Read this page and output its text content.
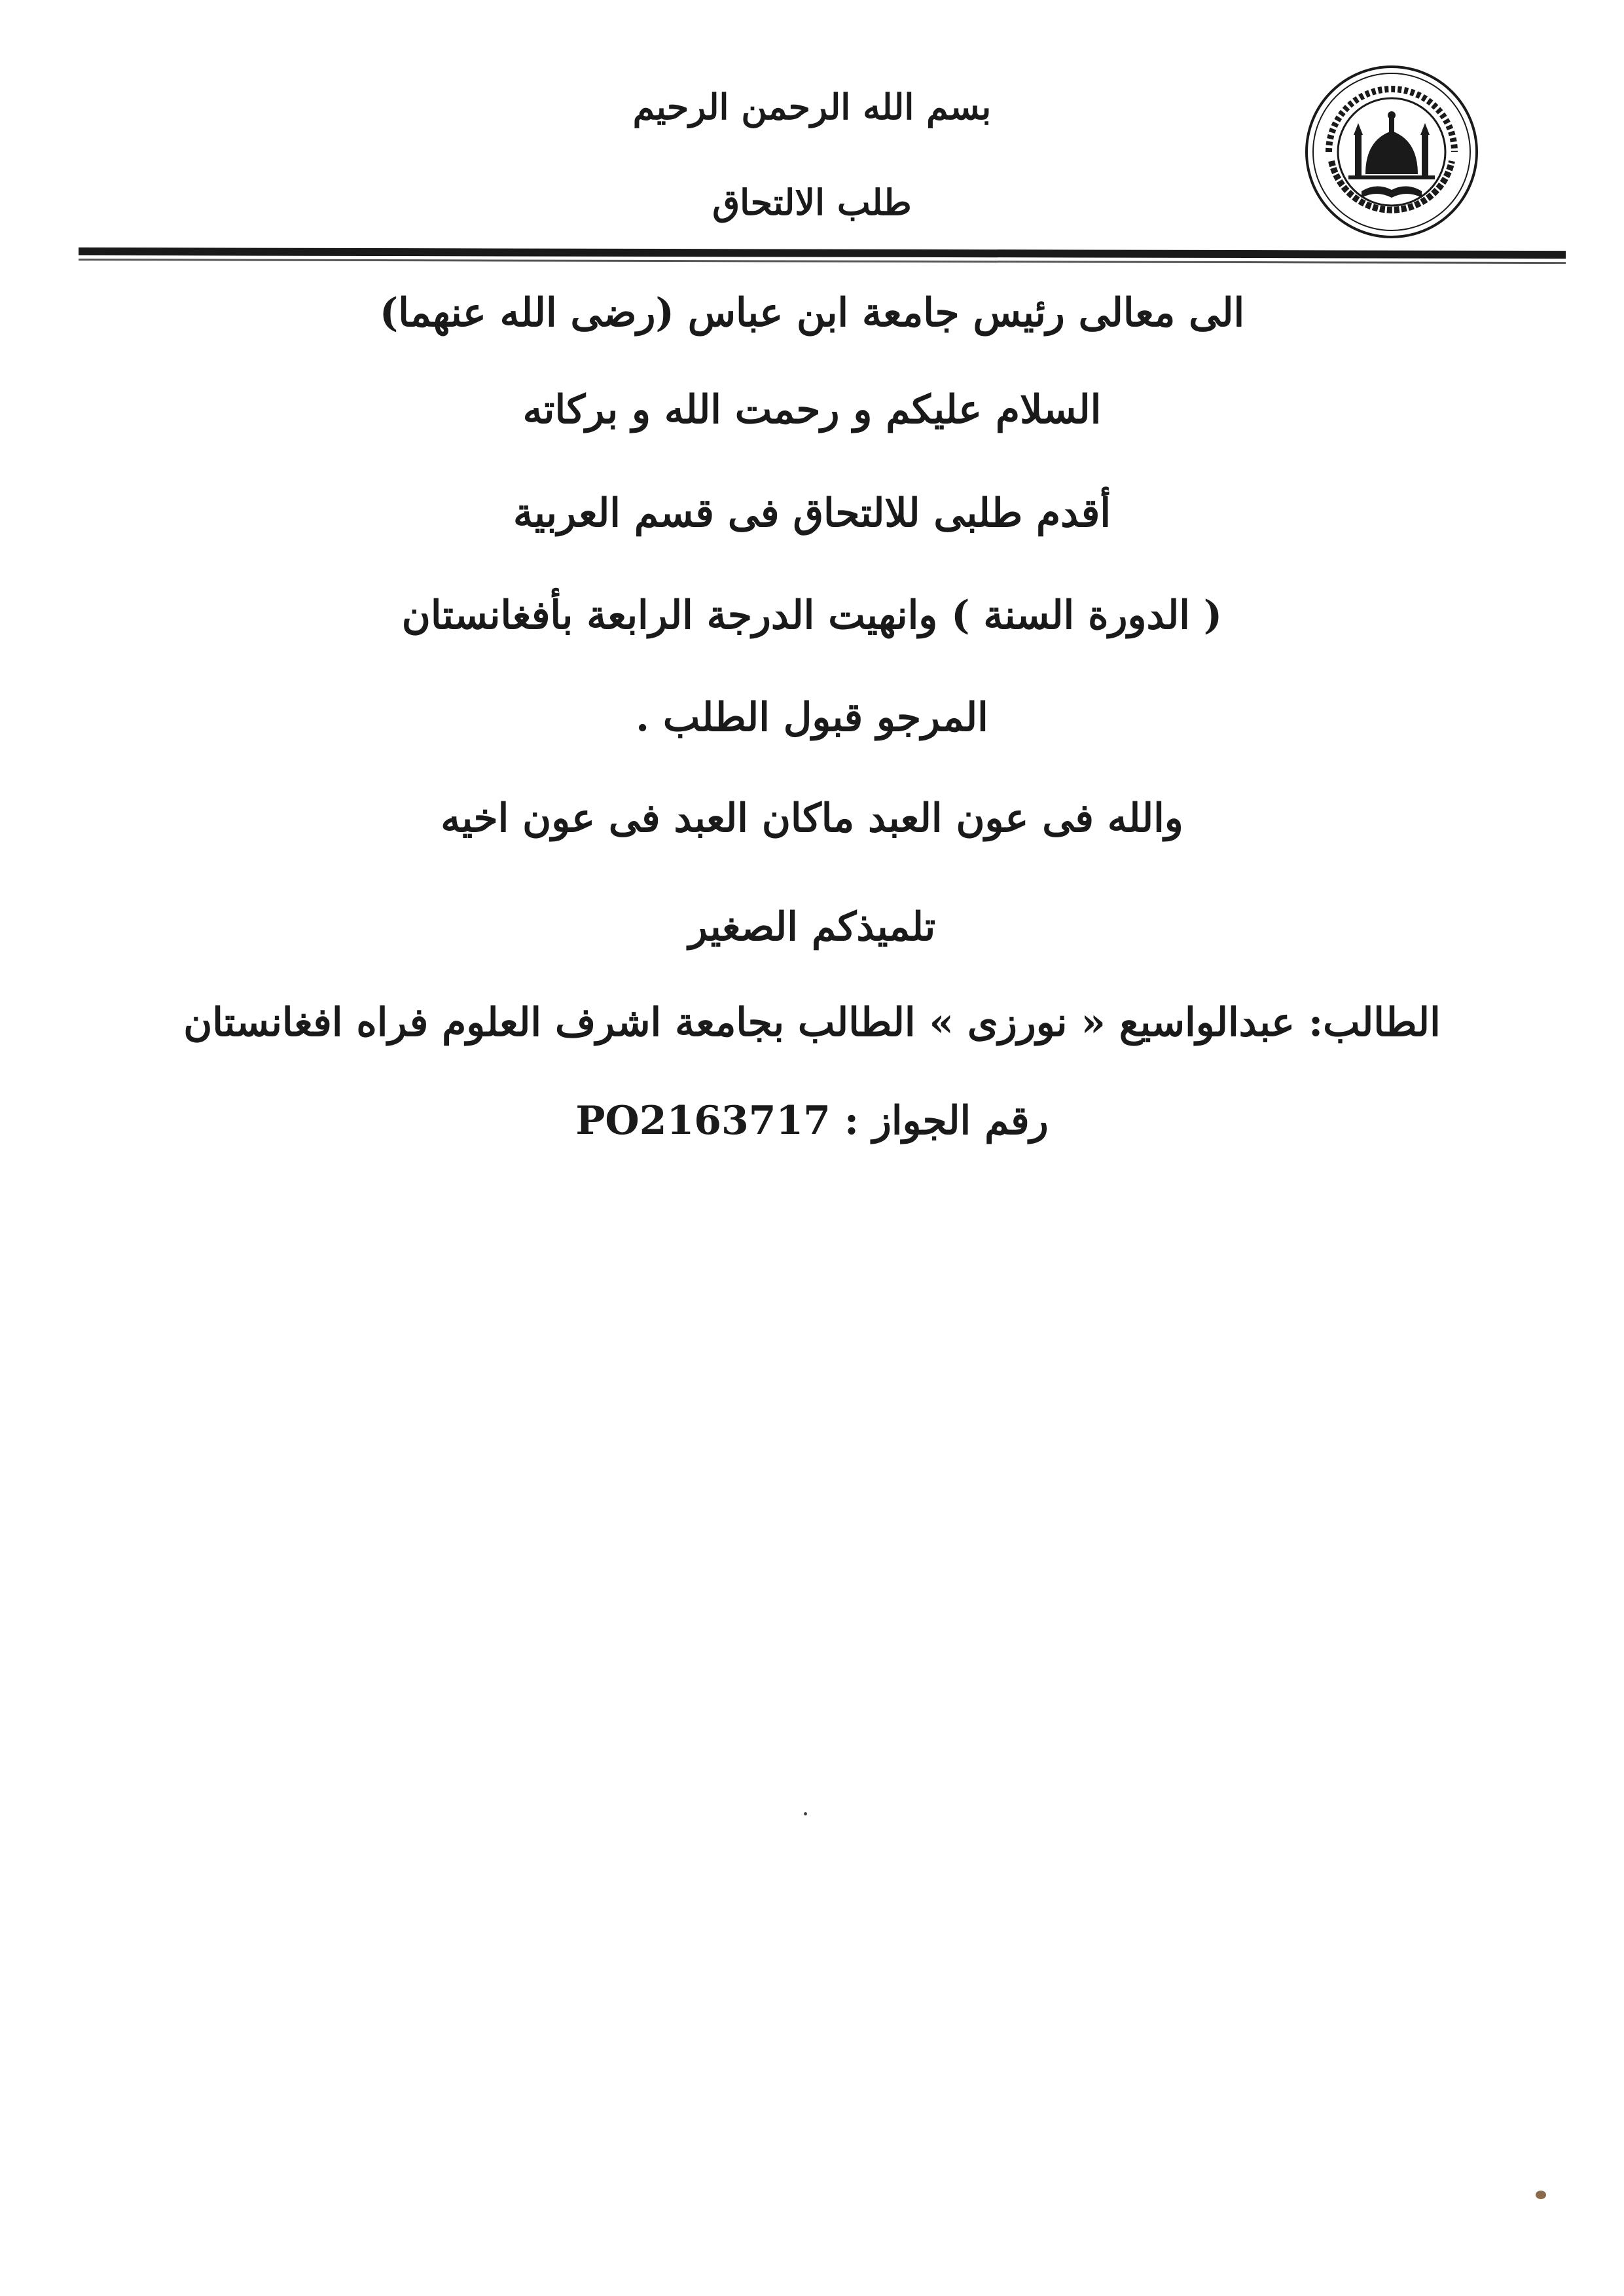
بسم الله الرحمن الرحيم
طلب الالتحاق
الى معالى رئيس جامعة ابن عباس (رضى الله عنهما)
السلام عليكم و رحمت الله و بركاته
أقدم طلبى للالتحاق فى قسم العربية
( الدورة السنة ) وانهيت الدرجة الرابعة بأفغانستان
المرجو قبول الطلب .
والله فى عون العبد ماكان العبد فى عون اخيه
تلميذكم الصغير
الطالب: عبدالواسيع « نورزى » الطالب بجامعة اشرف العلوم فراه افغانستان
رقم الجواز : PO2163717
